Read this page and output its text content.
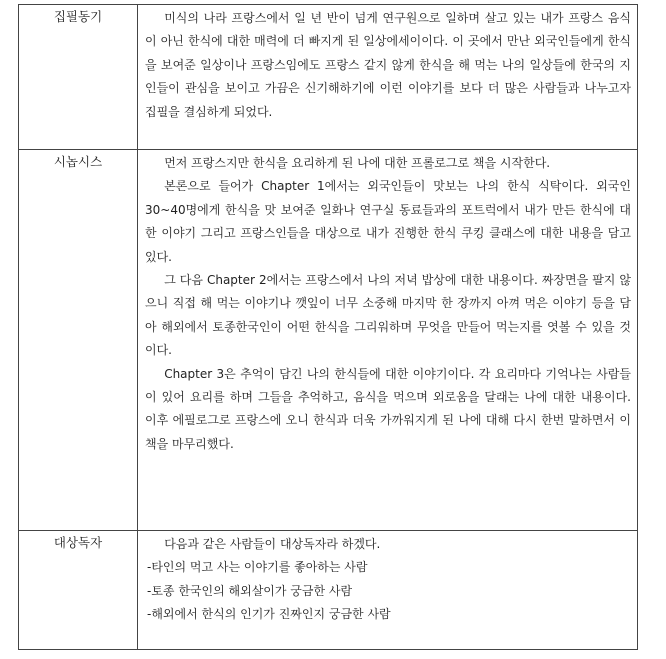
집필동기	미식의 나라 프랑스에서 일 년 반이 넘게 연구원으로 일하며 살고 있는 내가 프랑스 음식이 아닌 한식에 대한 매력에 더 빠지게 된 일상에세이이다. 이 곳에서 만난 외국인들에게 한식을 보여준 일상이나 프랑스임에도 프랑스 같지 않게 한식을 해 먹는 나의 일상들에 한국의 지인들이 관심을 보이고 가끔은 신기해하기에 이런 이야기를 보다 더 많은 사람들과 나누고자 집필을 결심하게 되었다.

시놉시스	먼저 프랑스지만 한식을 요리하게 된 나에 대한 프롤로그로 책을 시작한다.

본론으로 들어가 Chapter 1에서는 외국인들이 맛보는 나의 한식 식탁이다. 외국인 30~40명에게 한식을 맛 보여준 일화나 연구실 동료들과의 포트럭에서 내가 만든 한식에 대한 이야기 그리고 프랑스인들을 대상으로 내가 진행한 한식 쿠킹 클래스에 대한 내용을 담고 있다.

그 다음 Chapter 2에서는 프랑스에서 나의 저녁 밥상에 대한 내용이다. 짜장면을 팔지 않으니 직접 해 먹는 이야기나 깻잎이 너무 소중해 마지막 한 장까지 아껴 먹은 이야기 등을 담아 해외에서 토종한국인이 어떤 한식을 그리워하며 무엇을 만들어 먹는지를 엿볼 수 있을 것이다.

Chapter 3은 추억이 담긴 나의 한식들에 대한 이야기이다. 각 요리마다 기억나는 사람들이 있어 요리를 하며 그들을 추억하고, 음식을 먹으며 외로움을 달래는 나에 대한 내용이다. 이후 에필로그로 프랑스에 오니 한식과 더욱 가까워지게 된 나에 대해 다시 한번 말하면서 이 책을 마무리했다.

대상독자	다음과 같은 사람들이 대상독자라 하겠다.

-타인의 먹고 사는 이야기를 좋아하는 사람

-토종 한국인의 해외살이가 궁금한 사람

-해외에서 한식의 인기가 진짜인지 궁금한 사람
